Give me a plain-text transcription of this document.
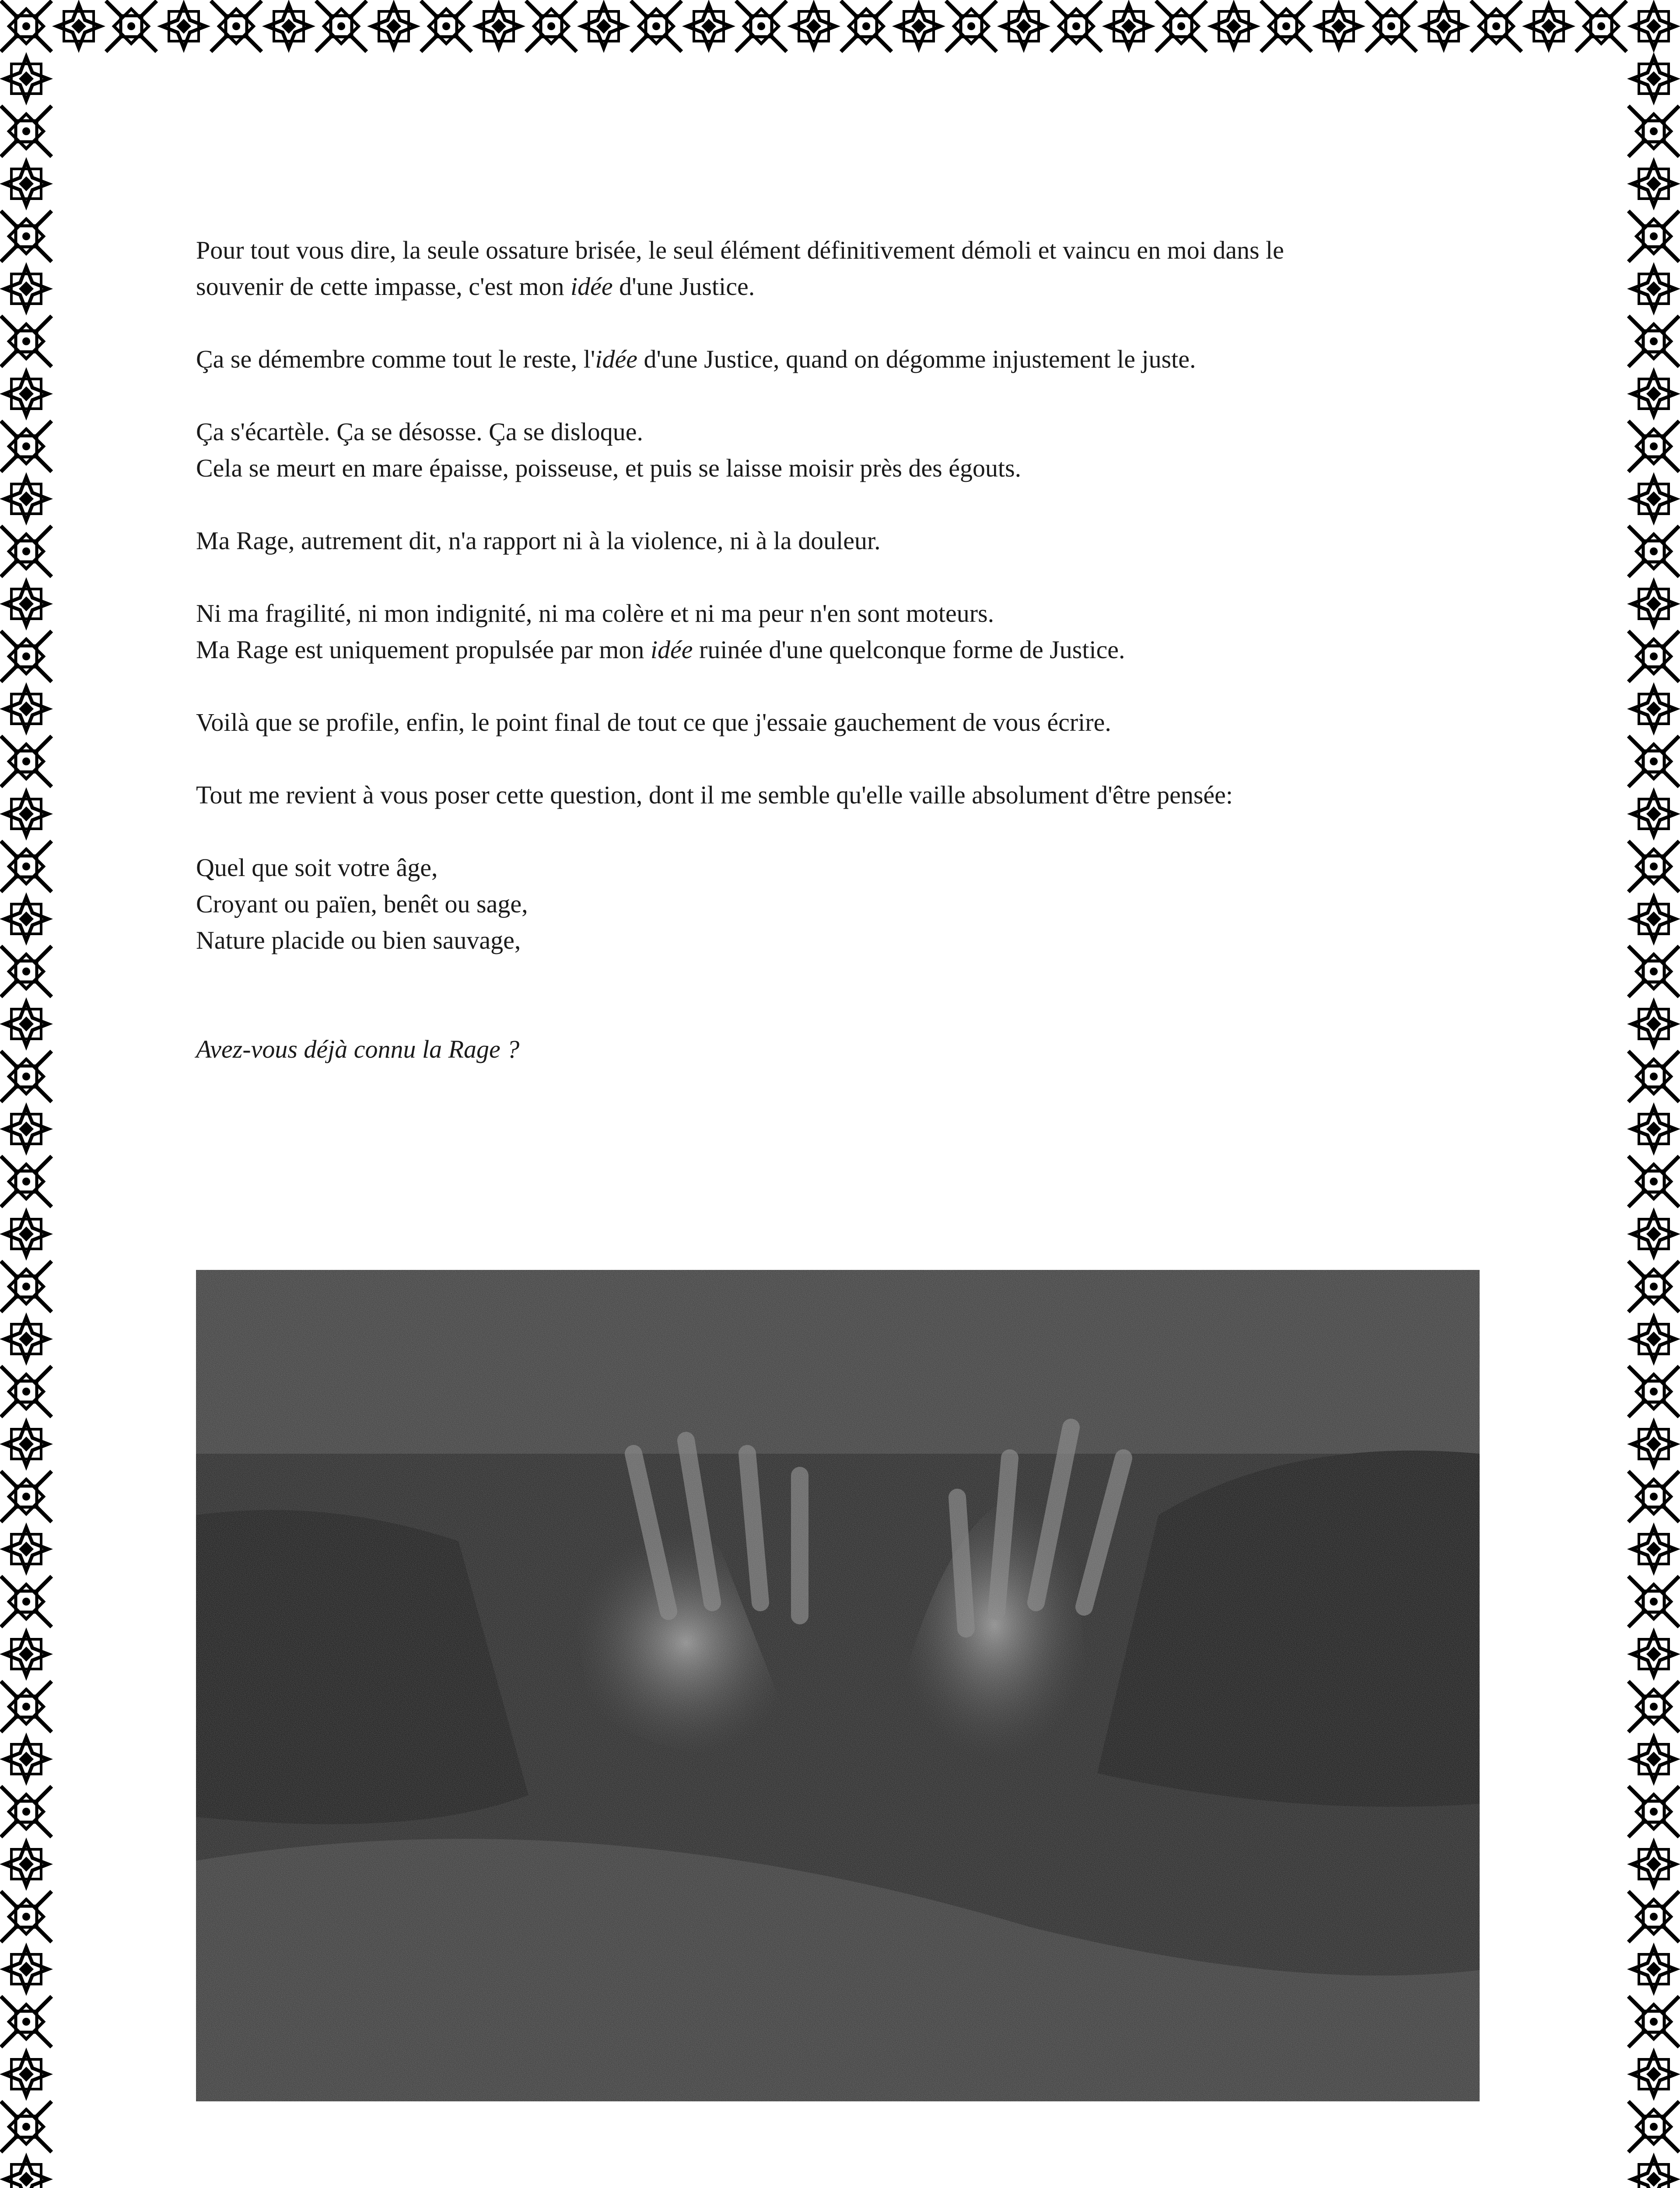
Pour tout vous dire, la seule ossature brisée, le seul élément définitivement démoli et vaincu en moi dans le
souvenir de cette impasse, c'est mon idée d'une Justice.

Ça se démembre comme tout le reste, l'idée d'une Justice, quand on dégomme injustement le juste.

Ça s'écartèle. Ça se désosse. Ça se disloque.
Cela se meurt en mare épaisse, poisseuse, et puis se laisse moisir près des égouts.

Ma Rage, autrement dit, n'a rapport ni à la violence, ni à la douleur.

Ni ma fragilité, ni mon indignité, ni ma colère et ni ma peur n'en sont moteurs.
Ma Rage est uniquement propulsée par mon idée ruinée d'une quelconque forme de Justice.

Voilà que se profile, enfin, le point final de tout ce que j'essaie gauchement de vous écrire.

Tout me revient à vous poser cette question, dont il me semble qu'elle vaille absolument d'être pensée:

Quel que soit votre âge,
Croyant ou païen, benêt ou sage,
Nature placide ou bien sauvage,

Avez-vous déjà connu la Rage ?
